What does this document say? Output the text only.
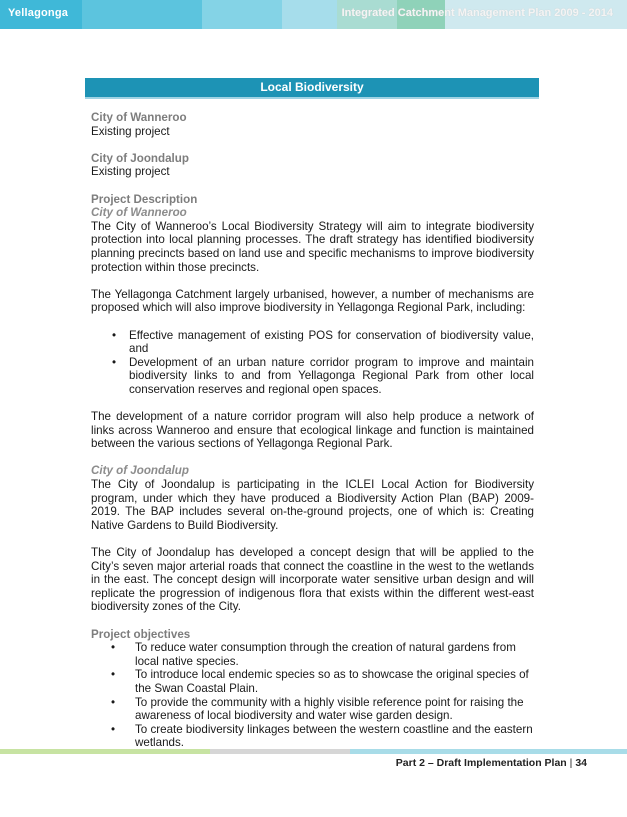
Yellagonga	Integrated Catchment Management Plan 2009 - 2014
Local Biodiversity

City of Wanneroo

Existing project

City of Joondalup

Existing project

Project Description

City of Wanneroo

The City of Wanneroo’s Local Biodiversity Strategy will aim to integrate biodiversity protection into local planning processes. The draft strategy has identified biodiversity planning precincts based on land use and specific mechanisms to improve biodiversity protection within those precincts.

The Yellagonga Catchment largely urbanised, however, a number of mechanisms are proposed which will also improve biodiversity in Yellagonga Regional Park, including:

• Effective management of existing POS for conservation of biodiversity value, and
• Development of an urban nature corridor program to improve and maintain biodiversity links to and from Yellagonga Regional Park from other local conservation reserves and regional open spaces.

The development of a nature corridor program will also help produce a network of links across Wanneroo and ensure that ecological linkage and function is maintained between the various sections of Yellagonga Regional Park.

City of Joondalup

The City of Joondalup is participating in the ICLEI Local Action for Biodiversity program, under which they have produced a Biodiversity Action Plan (BAP) 2009-2019. The BAP includes several on-the-ground projects, one of which is: Creating Native Gardens to Build Biodiversity.

The City of Joondalup has developed a concept design that will be applied to the City’s seven major arterial roads that connect the coastline in the west to the wetlands in the east. The concept design will incorporate water sensitive urban design and will replicate the progression of indigenous flora that exists within the different west-east biodiversity zones of the City.

Project objectives

• To reduce water consumption through the creation of natural gardens from local native species.
• To introduce local endemic species so as to showcase the original species of the Swan Coastal Plain.
• To provide the community with a highly visible reference point for raising the awareness of local biodiversity and water wise garden design.
• To create biodiversity linkages between the western coastline and the eastern wetlands.
Part 2 – Draft Implementation Plan | 34
